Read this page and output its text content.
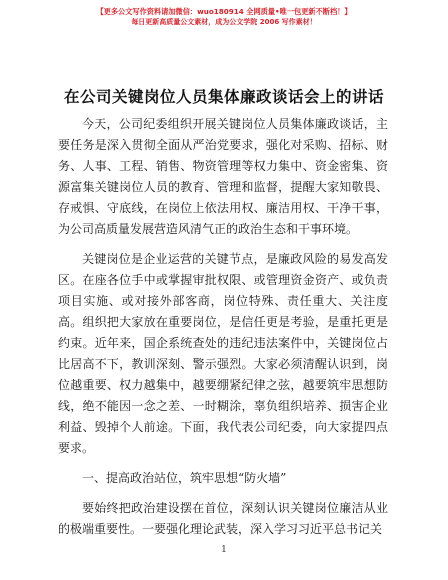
【更多公文写作资料请加微信：wuo180914 全网质量•唯一包更新不断档！】
每日更新高质量公文素材，成为公文学院 2006 写作素材！
在公司关键岗位人员集体廉政谈话会上的讲话

今天，公司纪委组织开展关键岗位人员集体廉政谈话，主要任务是深入贯彻全面从严治党要求，强化对采购、招标、财务、人事、工程、销售、物资管理等权力集中、资金密集、资源富集关键岗位人员的教育、管理和监督，提醒大家知敬畏、存戒惧、守底线，在岗位上依法用权、廉洁用权、干净干事，为公司高质量发展营造风清气正的政治生态和干事环境。

关键岗位是企业运营的关键节点，是廉政风险的易发高发区。在座各位手中或掌握审批权限、或管理资金资产、或负责项目实施、或对接外部客商，岗位特殊、责任重大、关注度高。组织把大家放在重要岗位，是信任更是考验，是重托更是约束。近年来，国企系统查处的违纪违法案件中，关键岗位占比居高不下，教训深刻、警示强烈。大家必须清醒认识到，岗位越重要、权力越集中，越要绷紧纪律之弦，越要筑牢思想防线，绝不能因一念之差、一时糊涂，辜负组织培养、损害企业利益、毁掉个人前途。下面，我代表公司纪委，向大家提四点要求。

一、提高政治站位，筑牢思想“防火墙”

要始终把政治建设摆在首位，深刻认识关键岗位廉洁从业的极端重要性。一要强化理论武装，深入学习习近平总书记关

1
